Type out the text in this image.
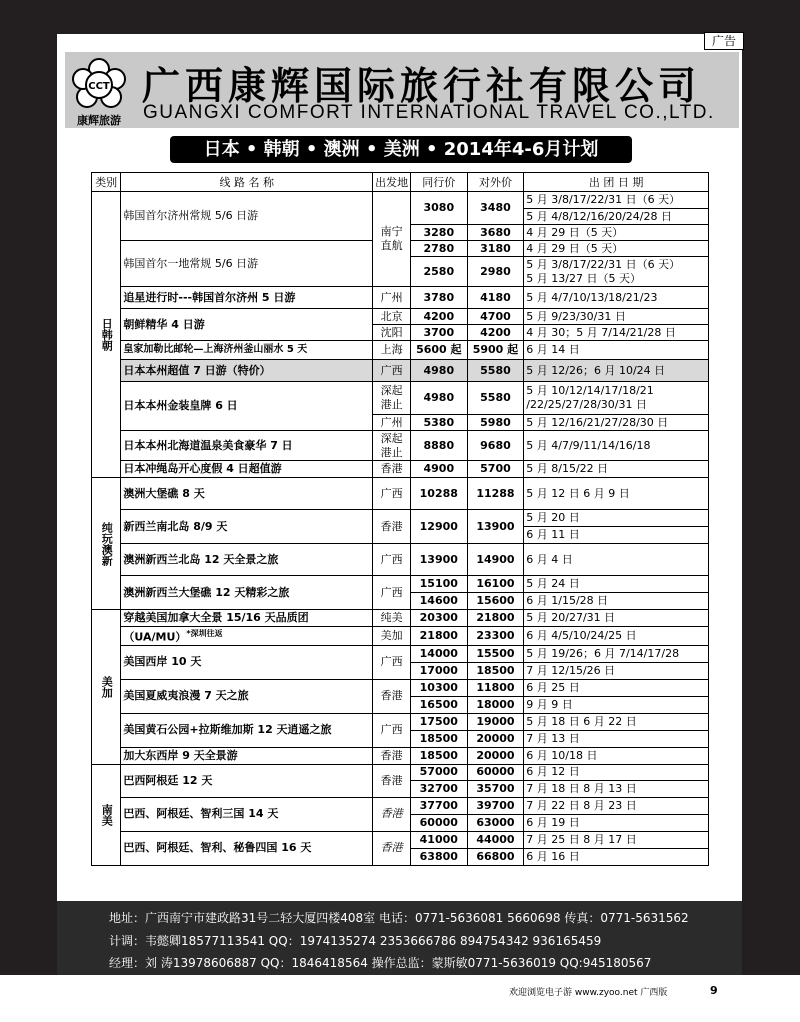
广告
CCT
康辉旅游
广西康辉国际旅行社有限公司
GUANGXI COMFORT INTERNATIONAL TRAVEL CO.,LTD.
日本 • 韩朝 • 澳洲 • 美洲 • 2014年4-6月计划
类别	线 路 名 称	出发地	同行价	对外价	出 团 日 期
日韩朝	韩国首尔济州常规 5/6 日游	南宁直航	3080	3480	5 月 3/8/17/22/31 日（6 天）
					5 月 4/8/12/16/20/24/28 日
			3280	3680	4 月 29 日（5 天）
	韩国首尔一地常规 5/6 日游		2780	3180	4 月 29 日（5 天）
			2580	2980	5 月 3/8/17/22/31 日（6 天）
5 月 13/27 日（5 天）
	追星进行时---韩国首尔济州 5 日游	广州	3780	4180	5 月 4/7/10/13/18/21/23
	朝鲜精华 4 日游	北京	4200	4700	5 月 9/23/30/31 日
		沈阳	3700	4200	4 月 30；5 月 7/14/21/28 日
	皇家加勒比邮轮—上海济州釜山丽水 5 天	上海	5600 起	5900 起	6 月 14 日
	日本本州超值 7 日游（特价）	广西	4980	5580	5 月 12/26；6 月 10/24 日
	日本本州金装皇牌 6 日	深起港止	4980	5580	5 月 10/12/14/17/18/21
/22/25/27/28/30/31 日
		广州	5380	5980	5 月 12/16/21/27/28/30 日
	日本本州北海道温泉美食豪华 7 日	深起港止	8880	9680	5 月 4/7/9/11/14/16/18
	日本冲绳岛开心度假 4 日超值游	香港	4900	5700	5 月 8/15/22 日
纯玩澳新	澳洲大堡礁 8 天	广西	10288	11288	5 月 12 日 6 月 9 日
	新西兰南北岛 8/9 天	香港	12900	13900	5 月 20 日
					6 月 11 日
	澳洲新西兰北岛 12 天全景之旅	广西	13900	14900	6 月 4 日
	澳洲新西兰大堡礁 12 天精彩之旅	广西	15100	16100	5 月 24 日
			14600	15600	6 月 1/15/28 日
美加	穿越美国加拿大全景 15/16 天品质团	纯美	20300	21800	5 月 20/27/31 日
	$(UA/MU)^{*深圳往返}$	美加	21800	23300	6 月 4/5/10/24/25 日
	美国西岸 10 天	广西	14000	15500	5 月 19/26；6 月 7/14/17/28
			17000	18500	7 月 12/15/26 日
	美国夏威夷浪漫 7 天之旅	香港	10300	11800	6 月 25 日
			16500	18000	9 月 9 日
	美国黄石公园+拉斯维加斯 12 天逍遥之旅	广西	17500	19000	5 月 18 日 6 月 22 日
			18500	20000	7 月 13 日
	加大东西岸 9 天全景游	香港	18500	20000	6 月 10/18 日
南美	巴西阿根廷 12 天	香港	57000	60000	6 月 12 日
			32700	35700	7 月 18 日 8 月 13 日
	巴西、阿根廷、智利三国 14 天	香港	37700	39700	7 月 22 日 8 月 23 日
			60000	63000	6 月 19 日
	巴西、阿根廷、智利、秘鲁四国 16 天	香港	41000	44000	7 月 25 日 8 月 17 日
			63800	66800	6 月 16 日
地址：广西南宁市建政路31号二轻大厦四楼408室 电话：0771-5636081 5660698 传真：0771-5631562
计调：韦懿卿18577113541 QQ：1974135274 2353666786 894754342 936165459
经理：刘 涛13978606887 QQ：1846418564 操作总监：蒙斯敏0771-5636019 QQ:945180567
欢迎浏览电子游 www.zyoo.net 广西版	9
